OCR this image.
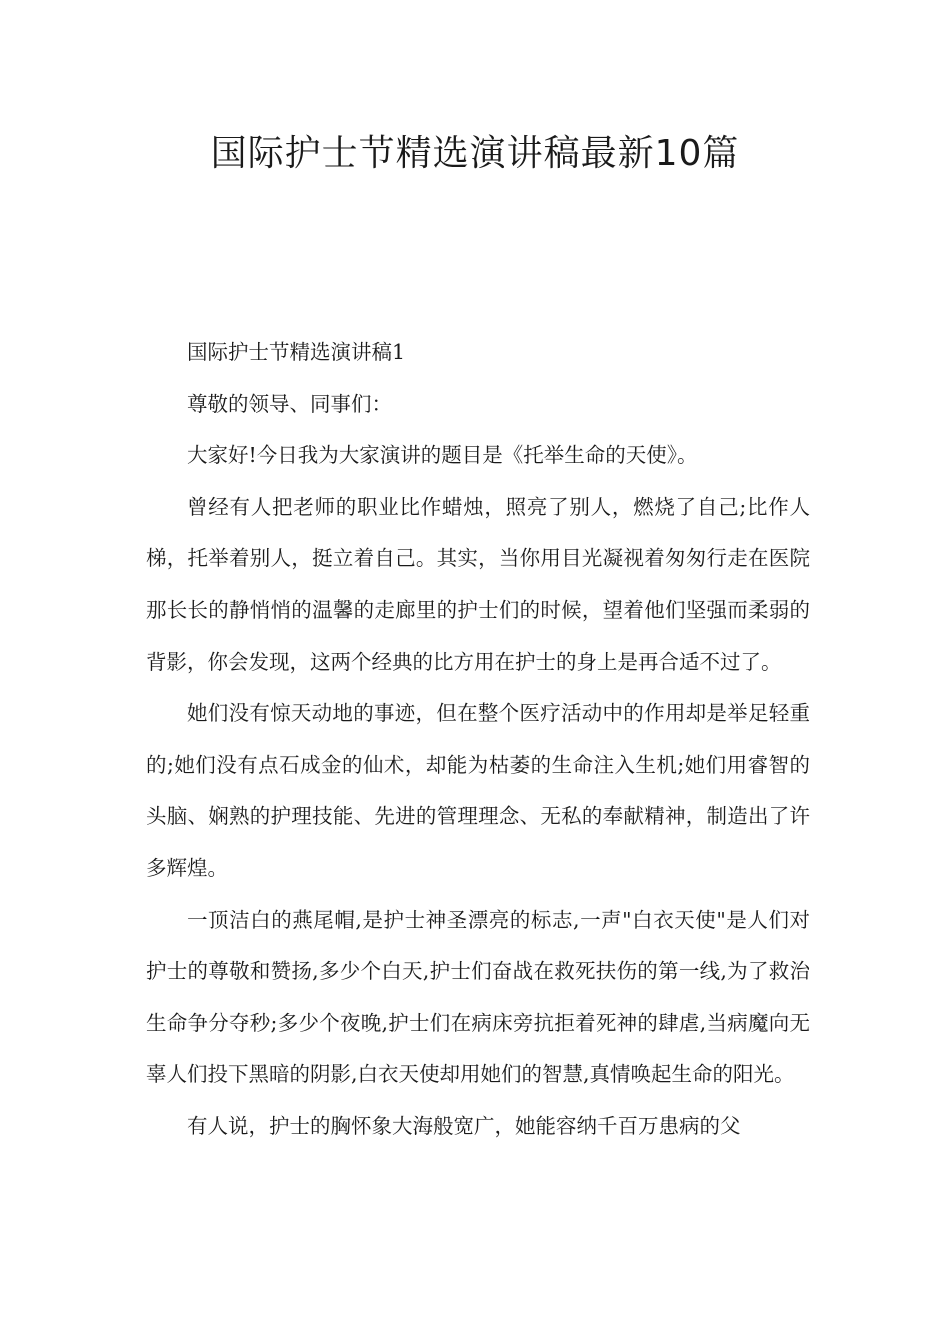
国际护士节精选演讲稿最新10篇

国际护士节精选演讲稿1

尊敬的领导、同事们：

大家好!今日我为大家演讲的题目是《托举生命的天使》。

曾经有人把老师的职业比作蜡烛，照亮了别人，燃烧了自己;比作人梯，托举着别人，挺立着自己。其实，当你用目光凝视着匆匆行走在医院那长长的静悄悄的温馨的走廊里的护士们的时候，望着他们坚强而柔弱的背影，你会发现，这两个经典的比方用在护士的身上是再合适不过了。

她们没有惊天动地的事迹，但在整个医疗活动中的作用却是举足轻重的;她们没有点石成金的仙术，却能为枯萎的生命注入生机;她们用睿智的头脑、娴熟的护理技能、先进的管理理念、无私的奉献精神，制造出了许多辉煌。

一顶洁白的燕尾帽,是护士神圣漂亮的标志,一声"白衣天使"是人们对护士的尊敬和赞扬,多少个白天,护士们奋战在救死扶伤的第一线,为了救治生命争分夺秒;多少个夜晚,护士们在病床旁抗拒着死神的肆虐,当病魔向无辜人们投下黑暗的阴影,白衣天使却用她们的智慧,真情唤起生命的阳光。

有人说，护士的胸怀象大海般宽广，她能容纳千百万患病的父
